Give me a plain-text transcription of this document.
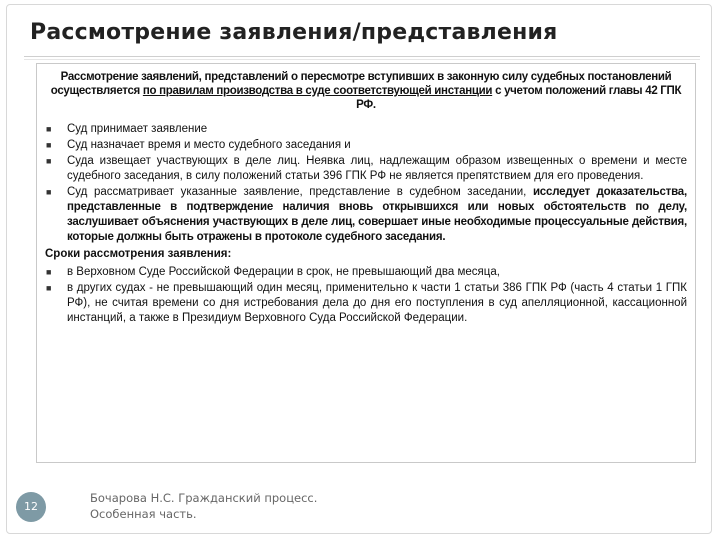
Рассмотрение заявления/представления

Рассмотрение заявлений, представлений о пересмотре вступивших в законную силу судебных постановлений осуществляется по правилам производства в суде соответствующей инстанции с учетом положений главы 42 ГПК РФ.

■	Суд принимает заявление
■	Суд назначает время и место судебного заседания и
■	Суда извещает участвующих в деле лиц. Неявка лиц, надлежащим образом извещенных о времени и месте судебного заседания, в силу положений статьи 396 ГПК РФ не является препятствием для его проведения.
■	Суд рассматривает указанные заявление, представление в судебном заседании, исследует доказательства, представленные в подтверждение наличия вновь открывшихся или новых обстоятельств по делу, заслушивает объяснения участвующих в деле лиц, совершает иные необходимые процессуальные действия, которые должны быть отражены в протоколе судебного заседания.
Сроки рассмотрения заявления:
■	в Верховном Суде Российской Федерации в срок, не превышающий два месяца,
■	в других судах - не превышающий один месяц, применительно к части 1 статьи 386 ГПК РФ (часть 4 статьи 1 ГПК РФ), не считая времени со дня истребования дела до дня его поступления в суд апелляционной, кассационной инстанций, а также в Президиум Верховного Суда Российской Федерации.
12
Бочарова Н.С. Гражданский процесс.
Особенная часть.
